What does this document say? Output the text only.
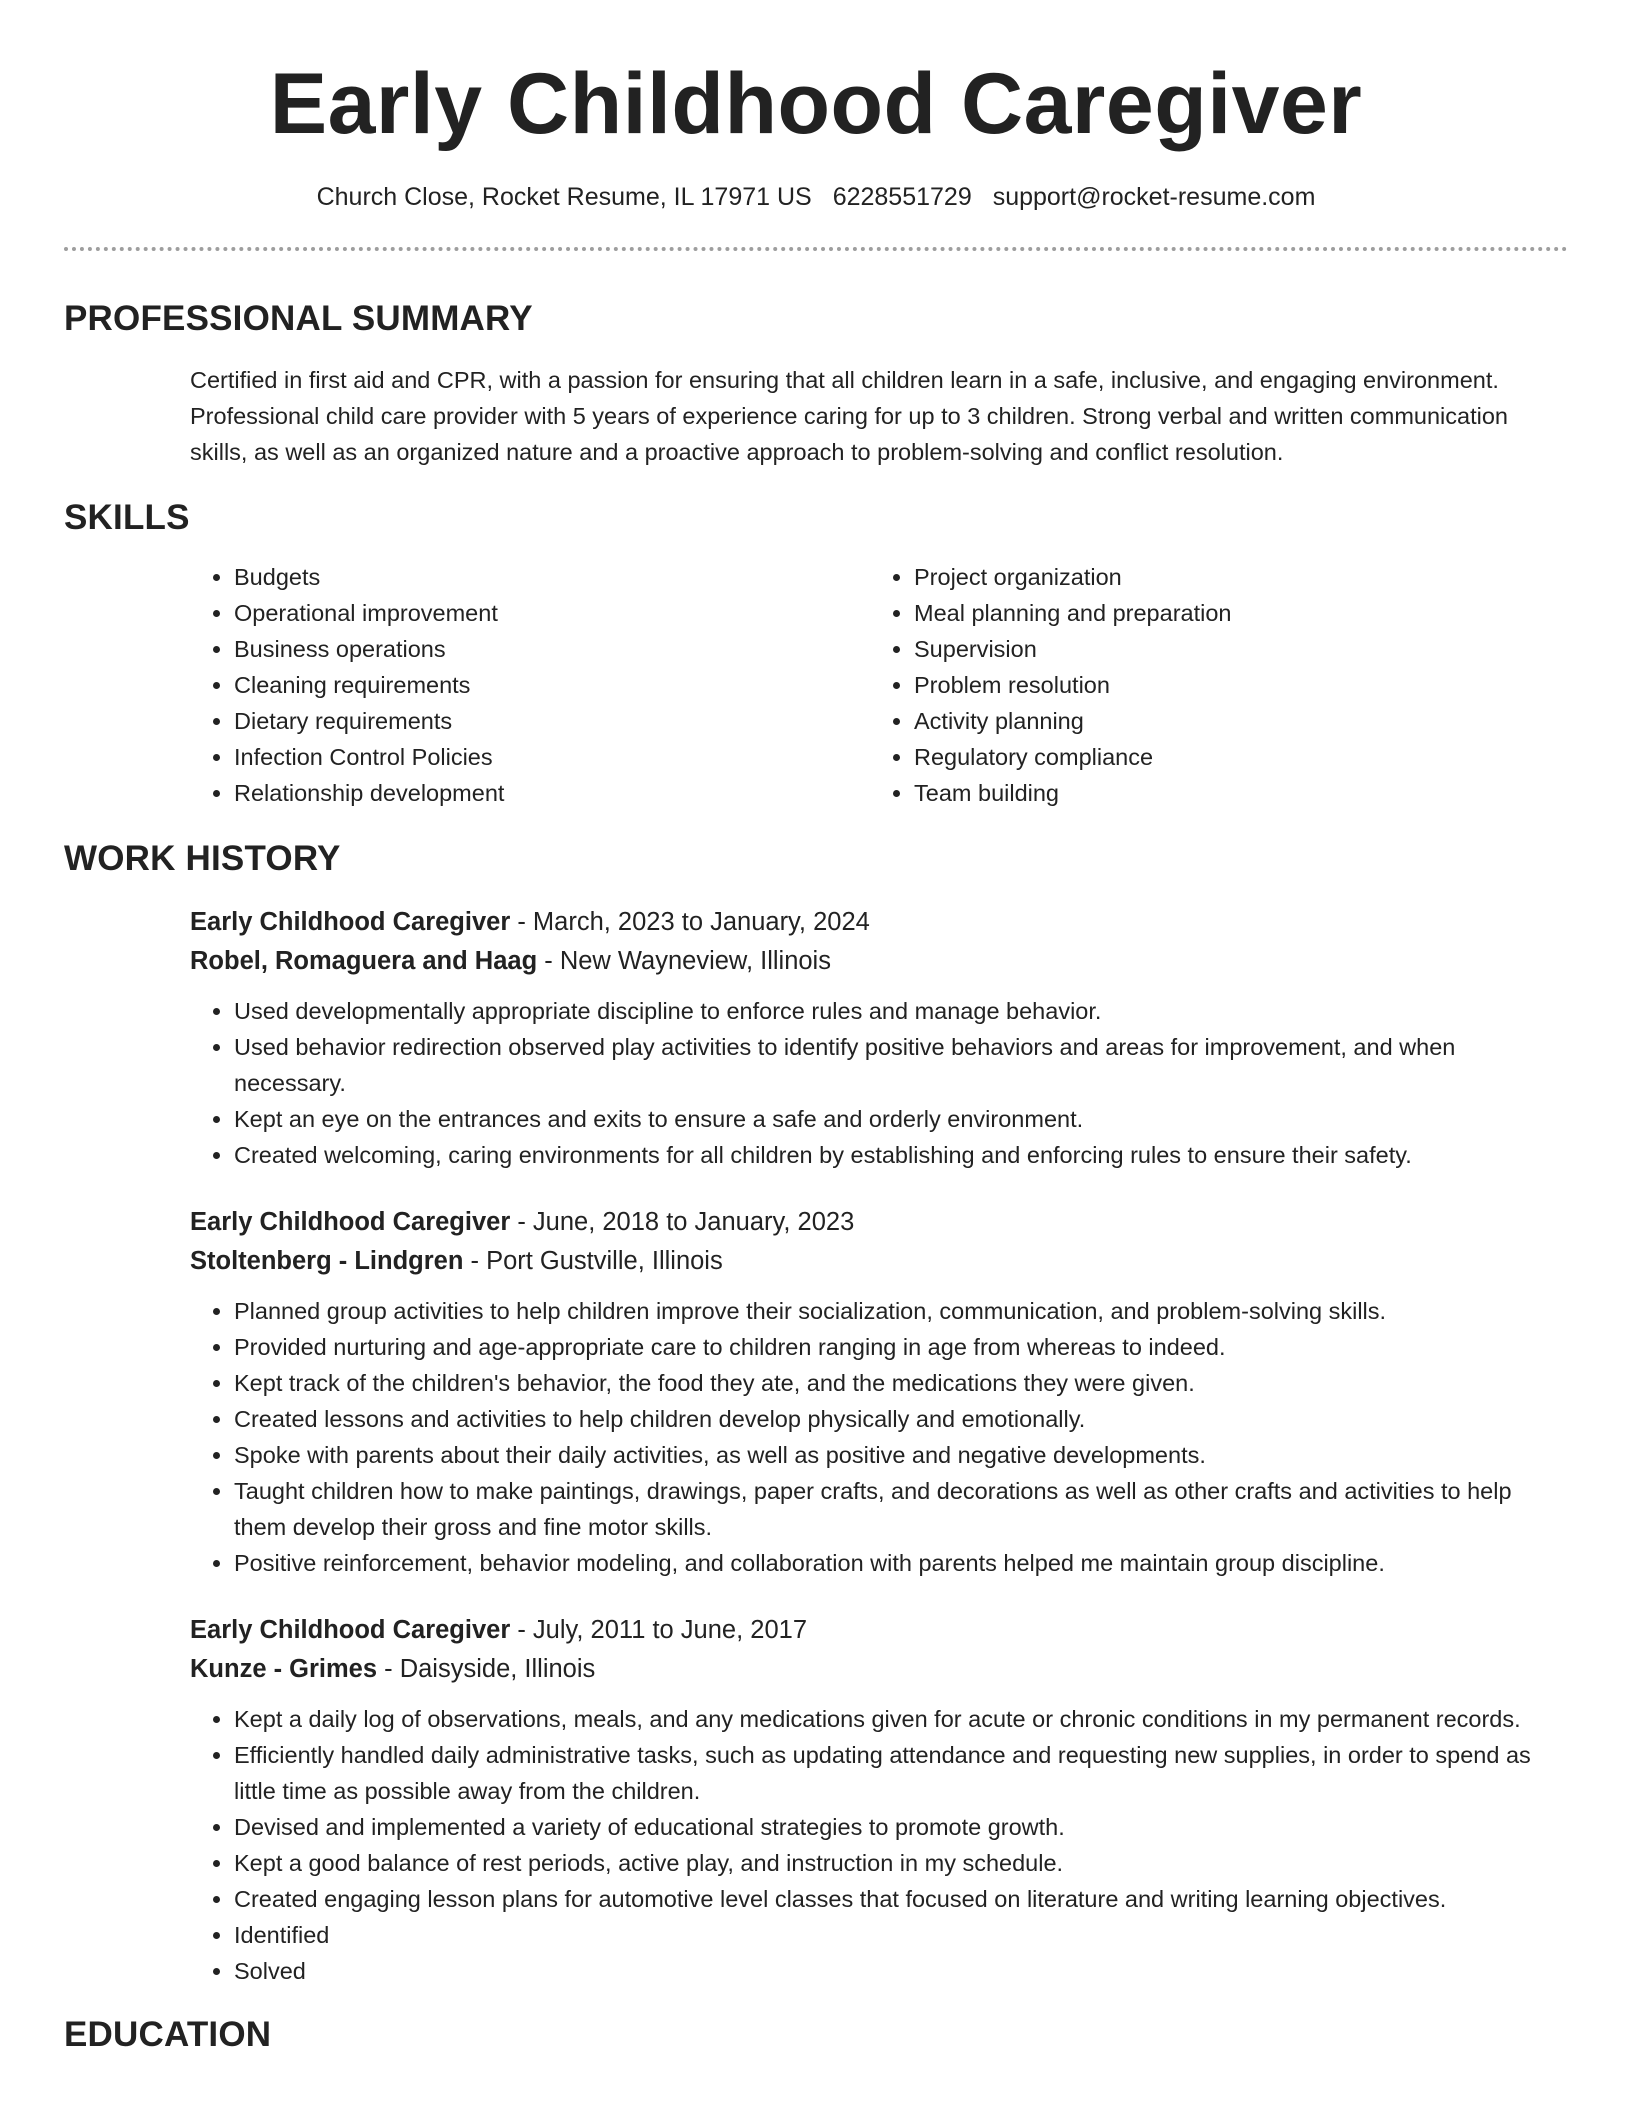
Early Childhood Caregiver
Church Close, Rocket Resume, IL 17971 US 6228551729 support@rocket-resume.com
PROFESSIONAL SUMMARY
Certified in first aid and CPR, with a passion for ensuring that all children learn in a safe, inclusive, and engaging environment. Professional child care provider with 5 years of experience caring for up to 3 children. Strong verbal and written communication skills, as well as an organized nature and a proactive approach to problem-solving and conflict resolution.
SKILLS
• Budgets
• Operational improvement
• Business operations
• Cleaning requirements
• Dietary requirements
• Infection Control Policies
• Relationship development
• Project organization
• Meal planning and preparation
• Supervision
• Problem resolution
• Activity planning
• Regulatory compliance
• Team building
WORK HISTORY
Early Childhood Caregiver - March, 2023 to January, 2024
Robel, Romaguera and Haag - New Wayneview, Illinois
• Used developmentally appropriate discipline to enforce rules and manage behavior.
• Used behavior redirection observed play activities to identify positive behaviors and areas for improvement, and when necessary.
• Kept an eye on the entrances and exits to ensure a safe and orderly environment.
• Created welcoming, caring environments for all children by establishing and enforcing rules to ensure their safety.
Early Childhood Caregiver - June, 2018 to January, 2023
Stoltenberg - Lindgren - Port Gustville, Illinois
• Planned group activities to help children improve their socialization, communication, and problem-solving skills.
• Provided nurturing and age-appropriate care to children ranging in age from whereas to indeed.
• Kept track of the children's behavior, the food they ate, and the medications they were given.
• Created lessons and activities to help children develop physically and emotionally.
• Spoke with parents about their daily activities, as well as positive and negative developments.
• Taught children how to make paintings, drawings, paper crafts, and decorations as well as other crafts and activities to help them develop their gross and fine motor skills.
• Positive reinforcement, behavior modeling, and collaboration with parents helped me maintain group discipline.
Early Childhood Caregiver - July, 2011 to June, 2017
Kunze - Grimes - Daisyside, Illinois
• Kept a daily log of observations, meals, and any medications given for acute or chronic conditions in my permanent records.
• Efficiently handled daily administrative tasks, such as updating attendance and requesting new supplies, in order to spend as little time as possible away from the children.
• Devised and implemented a variety of educational strategies to promote growth.
• Kept a good balance of rest periods, active play, and instruction in my schedule.
• Created engaging lesson plans for automotive level classes that focused on literature and writing learning objectives.
• Identified
• Solved
EDUCATION
